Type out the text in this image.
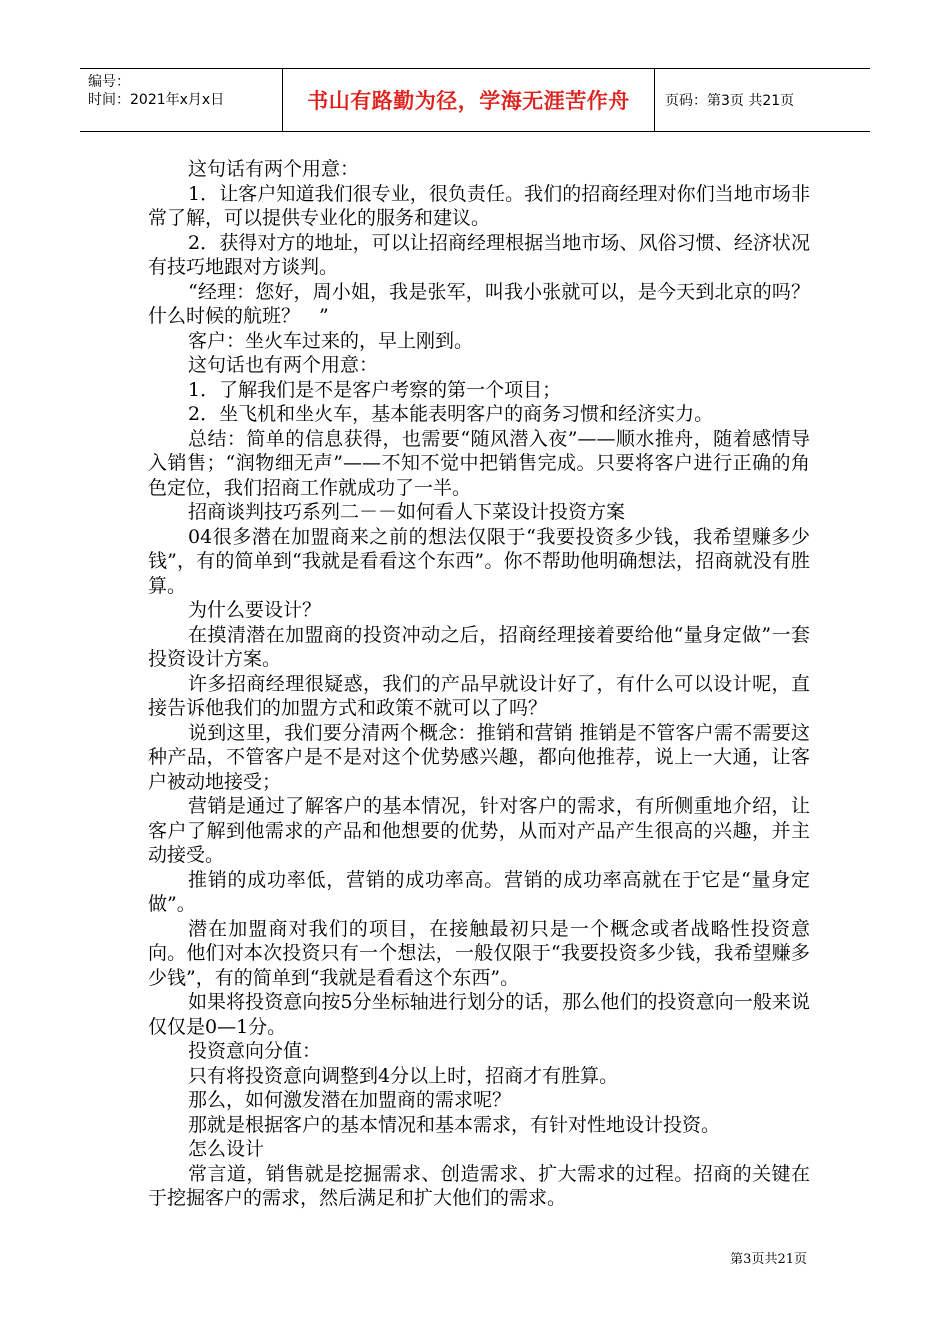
编号：
时间：2021年x月x日	书山有路勤为径，学海无涯苦作舟	页码：第3页 共21页

这句话有两个用意：

1．让客户知道我们很专业，很负责任。我们的招商经理对你们当地市场非常了解，可以提供专业化的服务和建议。

2．获得对方的地址，可以让招商经理根据当地市场、风俗习惯、经济状况有技巧地跟对方谈判。

“经理：您好，周小姐，我是张军，叫我小张就可以，是今天到北京的吗？什么时候的航班？　”

客户：坐火车过来的，早上刚到。

这句话也有两个用意：

1．了解我们是不是客户考察的第一个项目；

2．坐飞机和坐火车，基本能表明客户的商务习惯和经济实力。

总结：简单的信息获得，也需要“随风潜入夜”——顺水推舟，随着感情导入销售；“润物细无声”——不知不觉中把销售完成。只要将客户进行正确的角色定位，我们招商工作就成功了一半。

招商谈判技巧系列二－－如何看人下菜设计投资方案

04很多潜在加盟商来之前的想法仅限于“我要投资多少钱，我希望赚多少钱”，有的简单到“我就是看看这个东西”。你不帮助他明确想法，招商就没有胜算。

为什么要设计？

在摸清潜在加盟商的投资冲动之后，招商经理接着要给他“量身定做”一套投资设计方案。

许多招商经理很疑惑，我们的产品早就设计好了，有什么可以设计呢，直接告诉他我们的加盟方式和政策不就可以了吗？

说到这里，我们要分清两个概念：推销和营销 推销是不管客户需不需要这种产品，不管客户是不是对这个优势感兴趣，都向他推荐，说上一大通，让客户被动地接受；

营销是通过了解客户的基本情况，针对客户的需求，有所侧重地介绍，让客户了解到他需求的产品和他想要的优势，从而对产品产生很高的兴趣，并主动接受。

推销的成功率低，营销的成功率高。营销的成功率高就在于它是“量身定做”。

潜在加盟商对我们的项目，在接触最初只是一个概念或者战略性投资意向。他们对本次投资只有一个想法，一般仅限于“我要投资多少钱，我希望赚多少钱”，有的简单到“我就是看看这个东西”。

如果将投资意向按5分坐标轴进行划分的话，那么他们的投资意向一般来说仅仅是0—1分。

投资意向分值：

只有将投资意向调整到4分以上时，招商才有胜算。

那么，如何激发潜在加盟商的需求呢？

那就是根据客户的基本情况和基本需求，有针对性地设计投资。

怎么设计

常言道，销售就是挖掘需求、创造需求、扩大需求的过程。招商的关键在于挖掘客户的需求，然后满足和扩大他们的需求。

第3页共21页
